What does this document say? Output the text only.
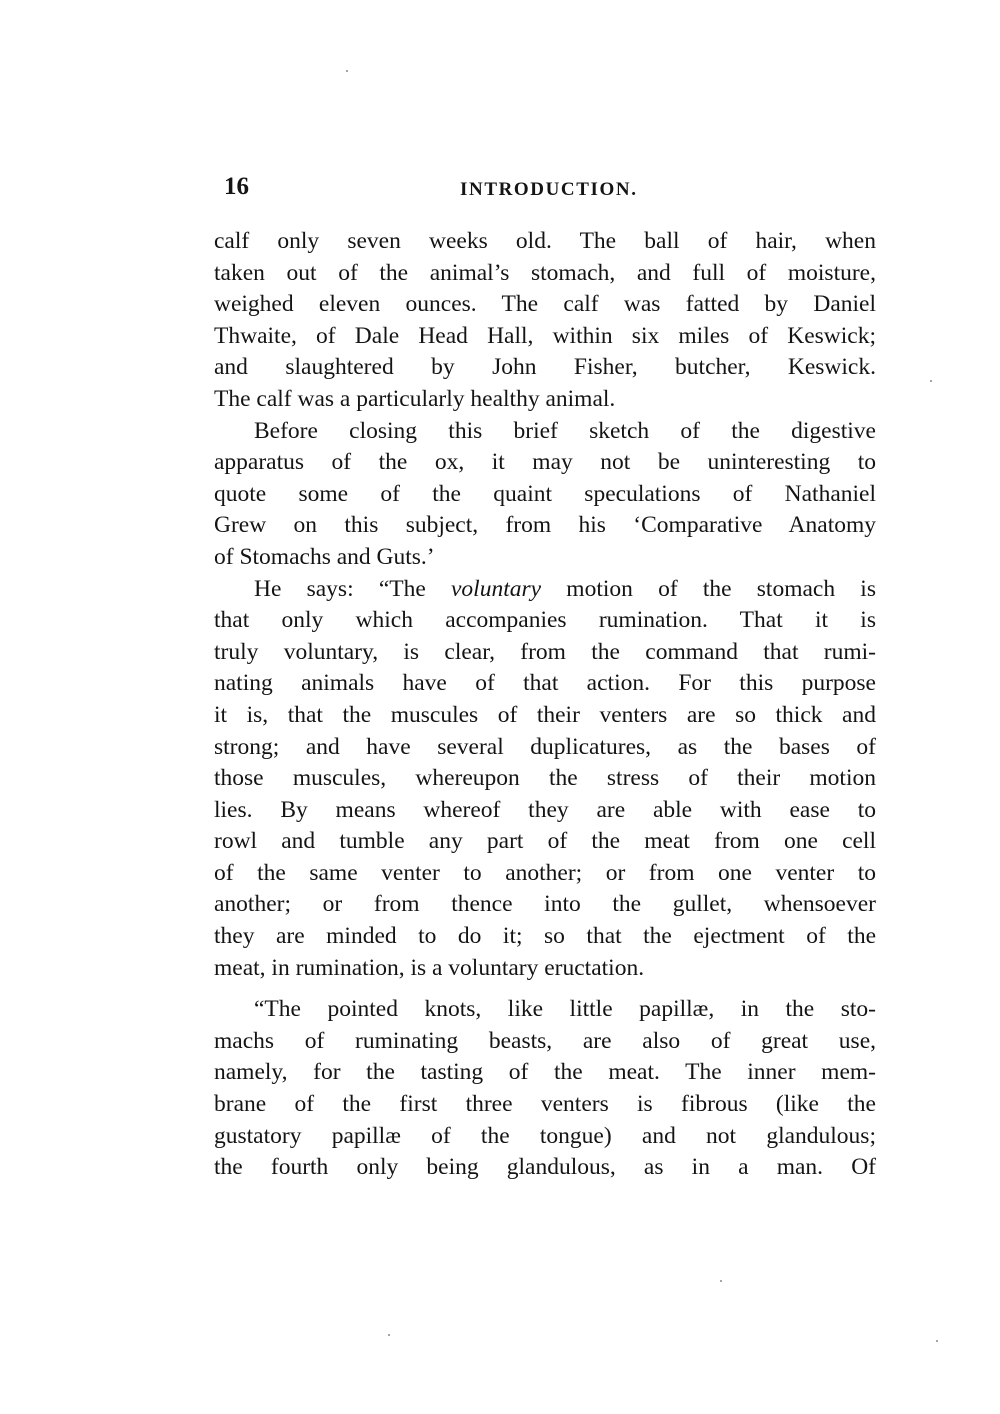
16	INTRODUCTION.
calf only seven weeks old. The ball of hair, when
taken out of the animal’s stomach, and full of moisture,
weighed eleven ounces. The calf was fatted by Daniel
Thwaite, of Dale Head Hall, within six miles of Keswick;
and slaughtered by John Fisher, butcher, Keswick.
The calf was a particularly healthy animal.
Before closing this brief sketch of the digestive
apparatus of the ox, it may not be uninteresting to
quote some of the quaint speculations of Nathaniel
Grew on this subject, from his ‘Comparative Anatomy
of Stomachs and Guts.’
He says: “The voluntary motion of the stomach is
that only which accompanies rumination. That it is
truly voluntary, is clear, from the command that rumi-
nating animals have of that action. For this purpose
it is, that the muscules of their venters are so thick and
strong; and have several duplicatures, as the bases of
those muscules, whereupon the stress of their motion
lies. By means whereof they are able with ease to
rowl and tumble any part of the meat from one cell
of the same venter to another; or from one venter to
another; or from thence into the gullet, whensoever
they are minded to do it; so that the ejectment of the
meat, in rumination, is a voluntary eructation.
“The pointed knots, like little papillæ, in the sto-
machs of ruminating beasts, are also of great use,
namely, for the tasting of the meat. The inner mem-
brane of the first three venters is fibrous (like the
gustatory papillæ of the tongue) and not glandulous;
the fourth only being glandulous, as in a man. Of
